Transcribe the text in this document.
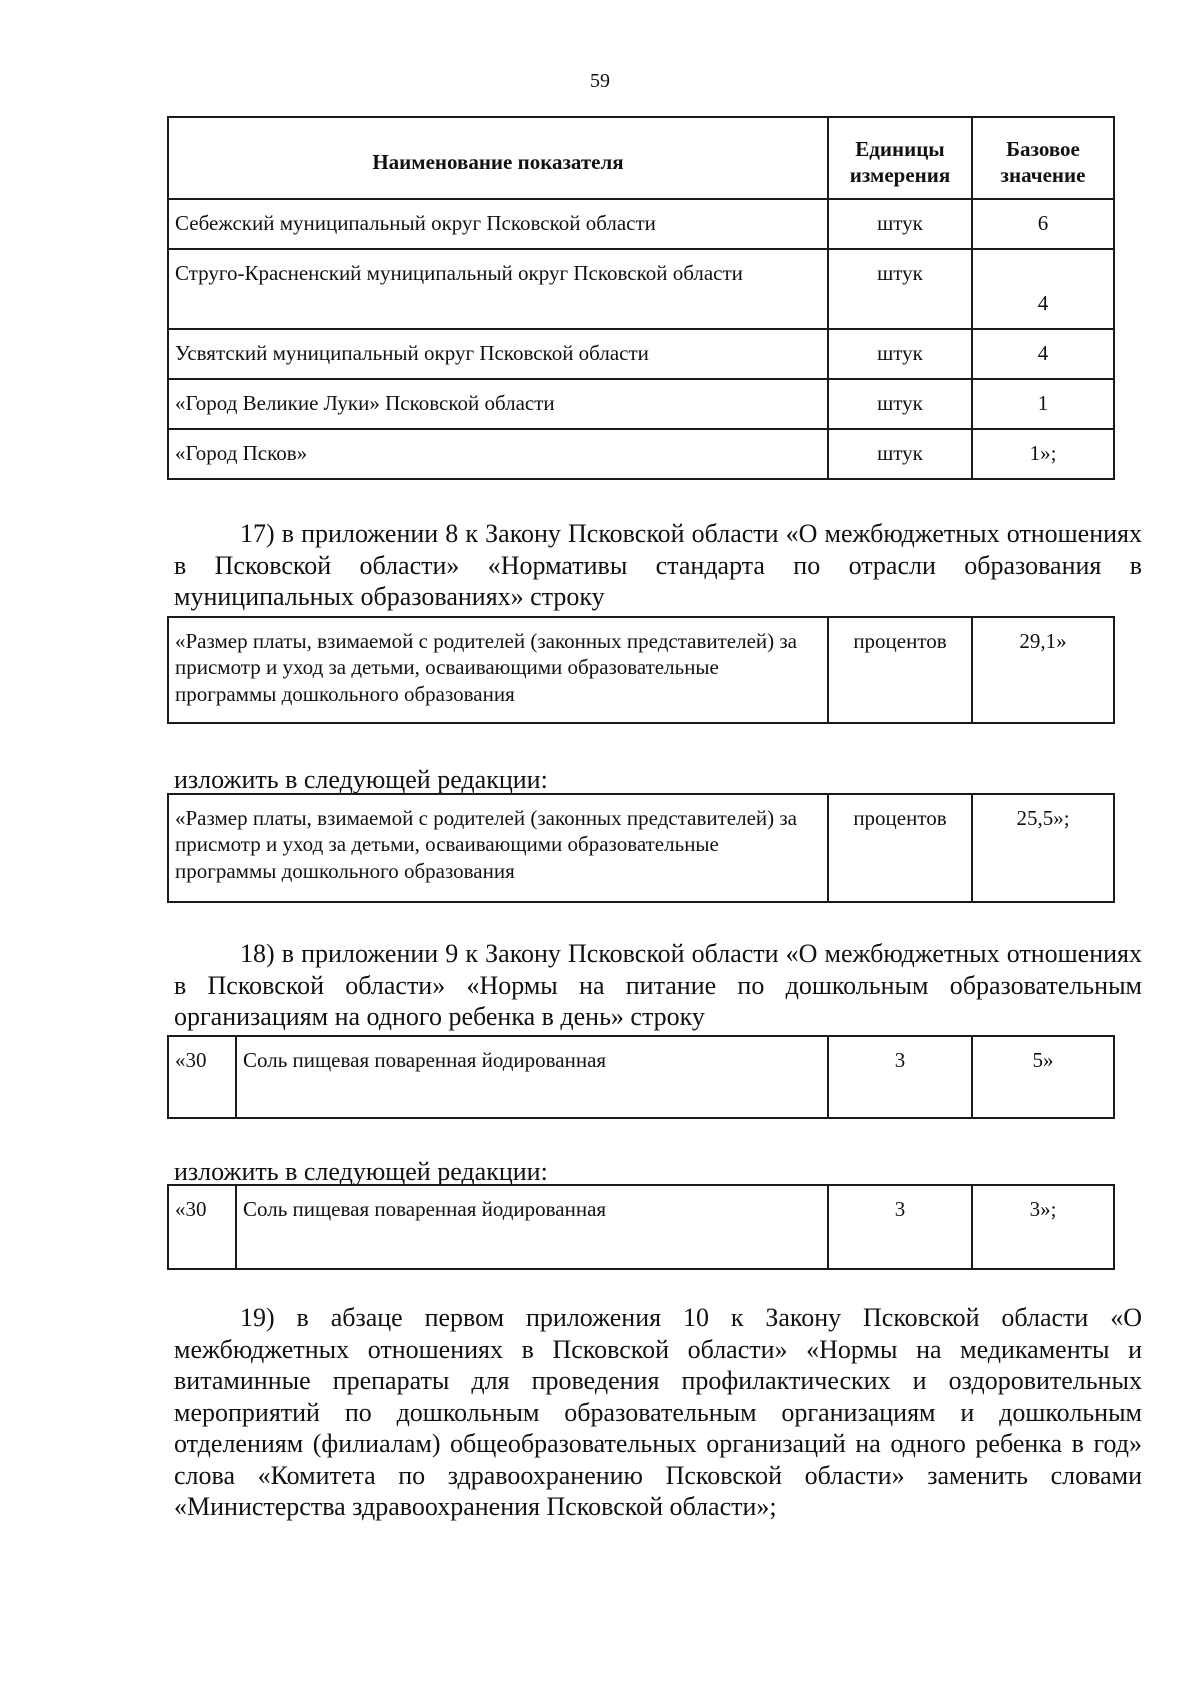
59
Наименование показателя	Единицы измерения	Базовое значение
Себежский муниципальный округ Псковской области	штук	6
Струго-Красненский муниципальный округ Псковской области	штук	4
Усвятский муниципальный округ Псковской области	штук	4
«Город Великие Луки» Псковской области	штук	1
«Город Псков»	штук	1»;

17) в приложении 8 к Закону Псковской области «О межбюджетных отношениях в Псковской области» «Нормативы стандарта по отрасли образования в муниципальных образованиях» строку

«Размер платы, взимаемой с родителей (законных представителей) за присмотр и уход за детьми, осваивающими образовательные программы дошкольного образования	процентов	29,1»
изложить в следующей редакции:
«Размер платы, взимаемой с родителей (законных представителей) за присмотр и уход за детьми, осваивающими образовательные программы дошкольного образования	процентов	25,5»;

18) в приложении 9 к Закону Псковской области «О межбюджетных отношениях в Псковской области» «Нормы на питание по дошкольным образовательным организациям на одного ребенка в день» строку

«30	Соль пищевая поваренная йодированная	3	5»
изложить в следующей редакции:
«30	Соль пищевая поваренная йодированная	3	3»;

19) в абзаце первом приложения 10 к Закону Псковской области «О межбюджетных отношениях в Псковской области» «Нормы на медикаменты и витаминные препараты для проведения профилактических и оздоровительных мероприятий по дошкольным образовательным организациям и дошкольным отделениям (филиалам) общеобразовательных организаций на одного ребенка в год» слова «Комитета по здравоохранению Псковской области» заменить словами «Министерства здравоохранения Псковской области»;
